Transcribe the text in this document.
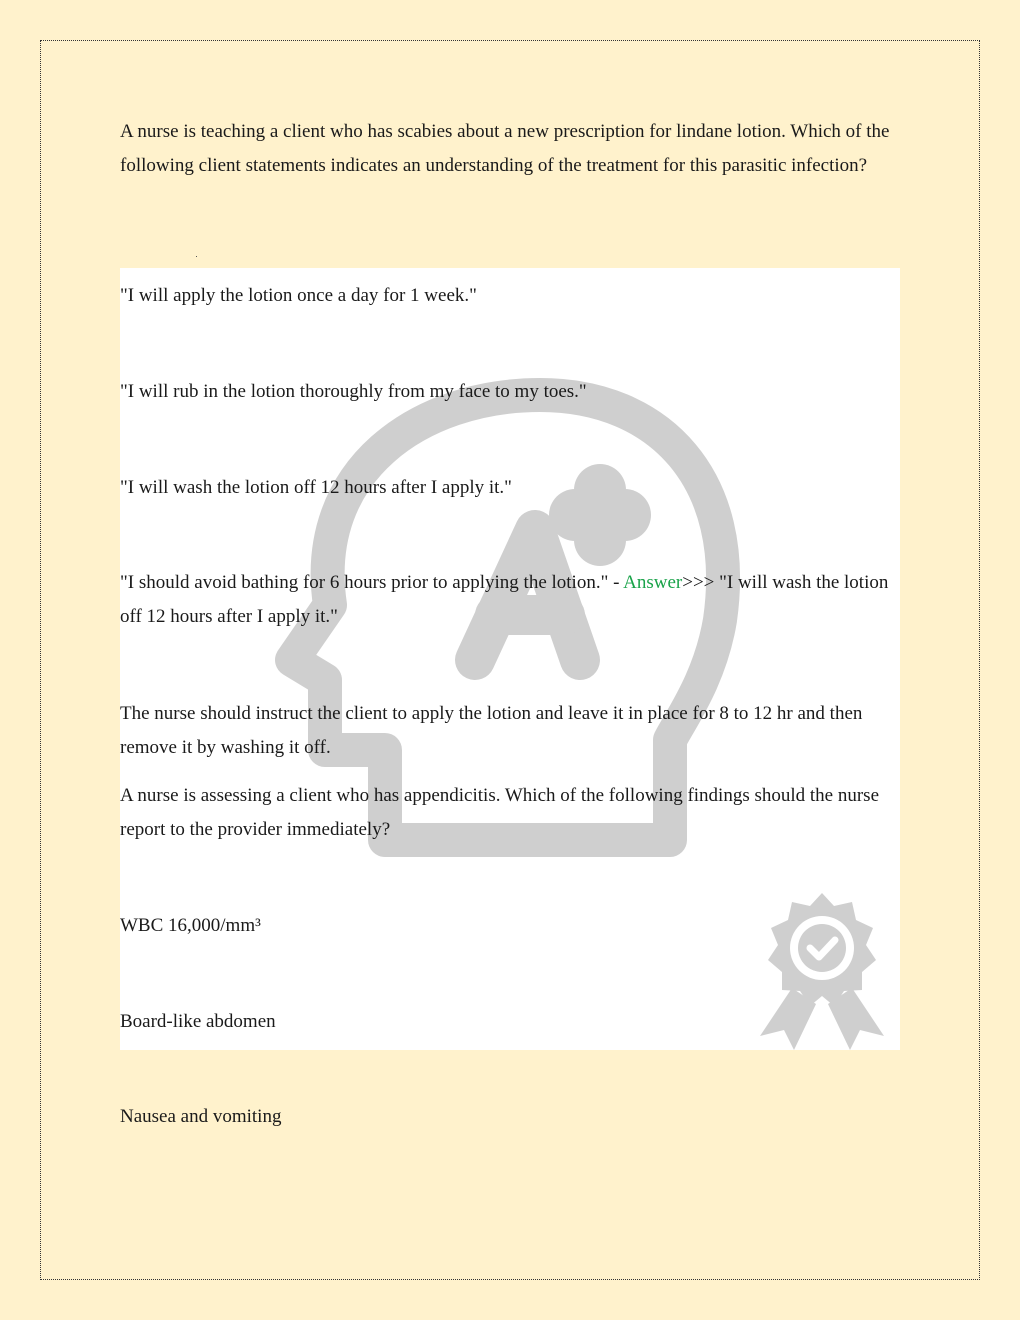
A nurse is teaching a client who has scabies about a new prescription for lindane lotion. Which of the following client statements indicates an understanding of the treatment for this parasitic infection?

"I will apply the lotion once a day for 1 week."

"I will rub in the lotion thoroughly from my face to my toes."

"I will wash the lotion off 12 hours after I apply it."

"I should avoid bathing for 6 hours prior to applying the lotion." - Answer>>> "I will wash the lotion off 12 hours after I apply it."

The nurse should instruct the client to apply the lotion and leave it in place for 8 to 12 hr and then remove it by washing it off.

A nurse is assessing a client who has appendicitis. Which of the following findings should the nurse report to the provider immediately?

WBC 16,000/mm³

Board-like abdomen

Nausea and vomiting
